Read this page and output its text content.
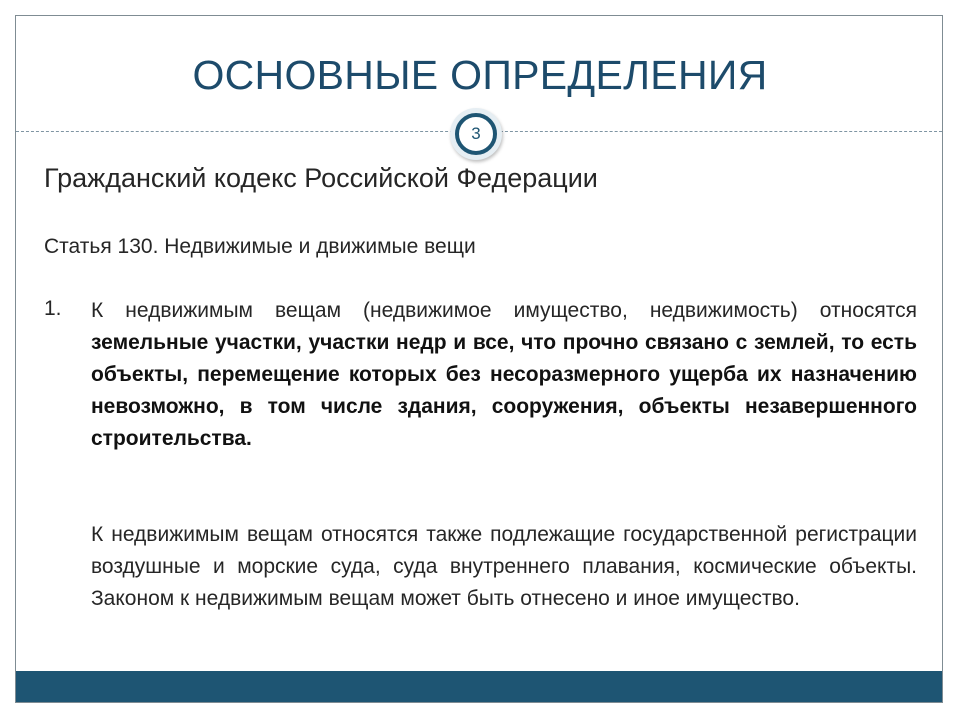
ОСНОВНЫЕ ОПРЕДЕЛЕНИЯ
3
Гражданский кодекс Российской Федерации
Статья 130. Недвижимые и движимые вещи
1. К недвижимым вещам (недвижимое имущество, недвижимость) относятся земельные участки, участки недр и все, что прочно связано с землей, то есть объекты, перемещение которых без несоразмерного ущерба их назначению невозможно, в том числе здания, сооружения, объекты незавершенного строительства.

К недвижимым вещам относятся также подлежащие государственной регистрации воздушные и морские суда, суда внутреннего плавания, космические объекты. Законом к недвижимым вещам может быть отнесено и иное имущество.
